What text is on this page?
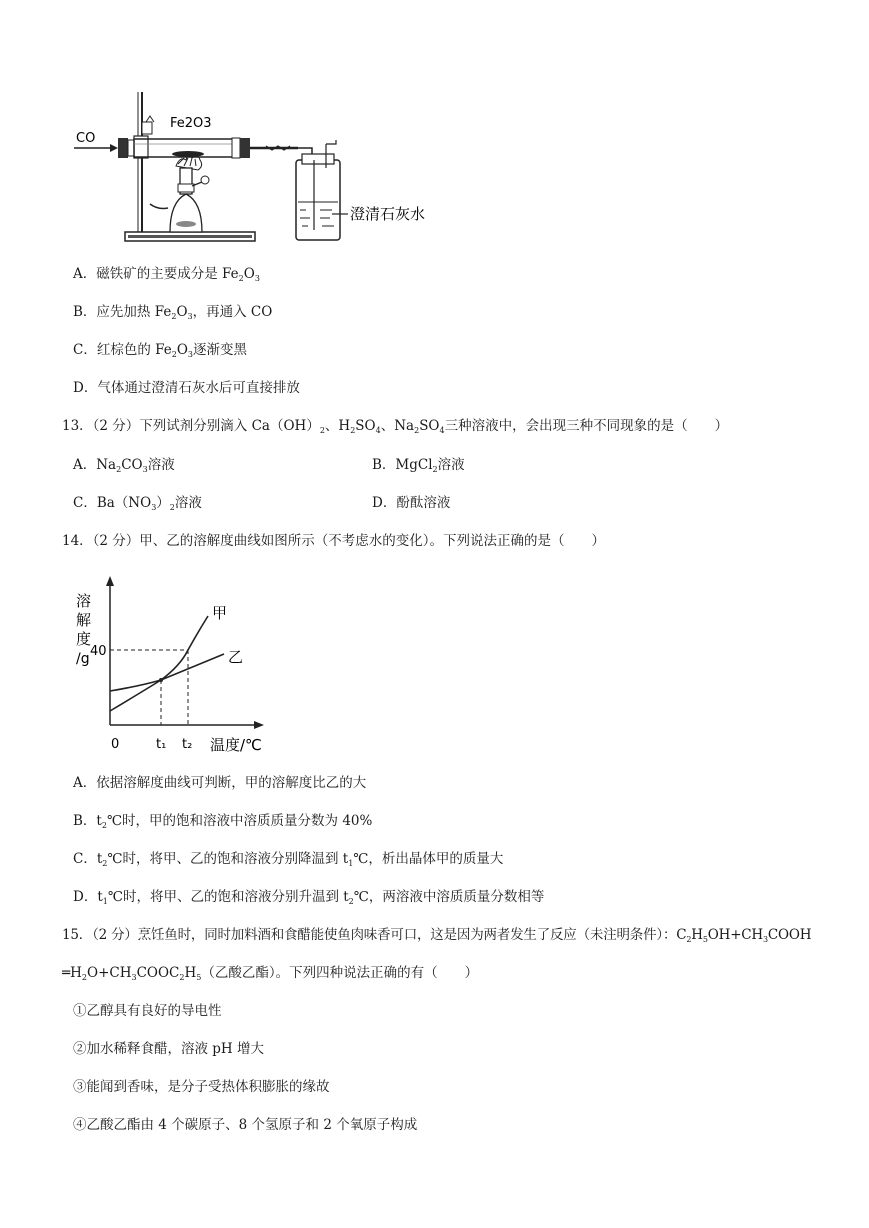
CO
Fe2O3
澄清石灰水
A．磁铁矿的主要成分是 $Fe_2O_3$
B．应先加热 $Fe_2O_3$，再通入 CO
C．红棕色的 $Fe_2O_3$逐渐变黑
D．气体通过澄清石灰水后可直接排放
13．（2 分）下列试剂分别滴入 $Ca(OH)_2$、$H_2SO_4$、$Na_2SO_4$三种溶液中，会出现三种不同现象的是（　　）
A．$Na_2CO_3$溶液	B．MgCl$_2$溶液
C．$Ba(NO_3)_2$溶液	D．酚酞溶液
14．（2 分）甲、乙的溶解度曲线如图所示（不考虑水的变化）。下列说法正确的是（　　）
溶
解
度
/g 40
甲
乙
0	t₁ t₂ 温度/℃
A．依据溶解度曲线可判断，甲的溶解度比乙的大
B．$t_2℃$时，甲的饱和溶液中溶质质量分数为 40%
C．$t_2℃$时，将甲、乙的饱和溶液分别降温到 $t_1℃$，析出晶体甲的质量大
D．$t_1℃$时，将甲、乙的饱和溶液分别升温到 $t_2℃$，两溶液中溶质质量分数相等
15．（2 分）烹饪鱼时，同时加料酒和食醋能使鱼肉味香可口，这是因为两者发生了反应（未注明条件）：$C_2H_5OH+CH_3COOH$
$═H_2O+CH_3COOC_2H_5$（乙酸乙酯）。下列四种说法正确的有（　　）
①乙醇具有良好的导电性
②加水稀释食醋，溶液 pH 增大
③能闻到香味，是分子受热体积膨胀的缘故
④乙酸乙酯由 4 个碳原子、8 个氢原子和 2 个氧原子构成
